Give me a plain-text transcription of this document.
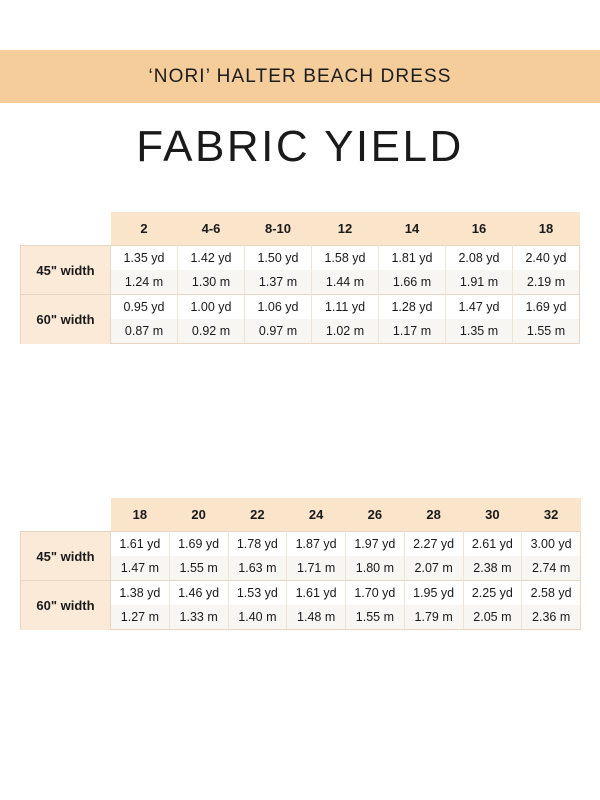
‘NORI’ HALTER BEACH DRESS
FABRIC YIELD
	2	4-6	8-10	12	14	16	18
45" width	1.35 yd	1.42 yd	1.50 yd	1.58 yd	1.81 yd	2.08 yd	2.40 yd
	1.24 m	1.30 m	1.37 m	1.44 m	1.66 m	1.91 m	2.19 m
60" width	0.95 yd	1.00 yd	1.06 yd	1.11 yd	1.28 yd	1.47 yd	1.69 yd
	0.87 m	0.92 m	0.97 m	1.02 m	1.17 m	1.35 m	1.55 m
	18	20	22	24	26	28	30	32
45" width	1.61 yd	1.69 yd	1.78 yd	1.87 yd	1.97 yd	2.27 yd	2.61 yd	3.00 yd
	1.47 m	1.55 m	1.63 m	1.71 m	1.80 m	2.07 m	2.38 m	2.74 m
60" width	1.38 yd	1.46 yd	1.53 yd	1.61 yd	1.70 yd	1.95 yd	2.25 yd	2.58 yd
	1.27 m	1.33 m	1.40 m	1.48 m	1.55 m	1.79 m	2.05 m	2.36 m
